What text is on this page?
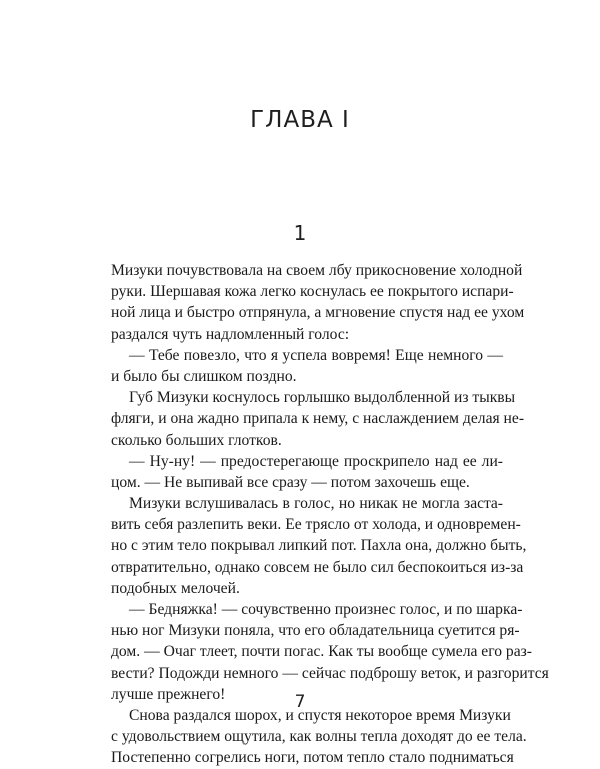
ГЛАВА I
1
Мизуки почувствовала на своем лбу прикосновение холодной
руки. Шершавая кожа легко коснулась ее покрытого испари-
ной лица и быстро отпрянула, а мгновение спустя над ее ухом
раздался чуть надломленный голос:
— Тебе повезло, что я успела вовремя! Еще немного —
и было бы слишком поздно.
Губ Мизуки коснулось горлышко выдолбленной из тыквы
фляги, и она жадно припала к нему, с наслаждением делая не-
сколько больших глотков.
— Ну-ну! — предостерегающе проскрипело над ее ли-
цом. — Не выпивай все сразу — потом захочешь еще.
Мизуки вслушивалась в голос, но никак не могла застa-
вить себя разлепить веки. Ее трясло от холода, и одновремен-
но с этим тело покрывал липкий пот. Пахла она, должно быть,
отвратительно, однако совсем не было сил беспокоиться из-за
подобных мелочей.
— Бедняжка! — сочувственно произнес голос, и по шарка-
нью ног Мизуки поняла, что его обладательница суетится ря-
дом. — Очаг тлеет, почти погас. Как ты вообще сумела его раз-
вести? Подожди немного — сейчас подброшу веток, и разгорится
лучше прежнего!
Снова раздался шорох, и спустя некоторое время Мизуки
с удовольствием ощутила, как волны тепла доходят до ее тела.
Постепенно согрелись ноги, потом тепло стало подниматься
7
